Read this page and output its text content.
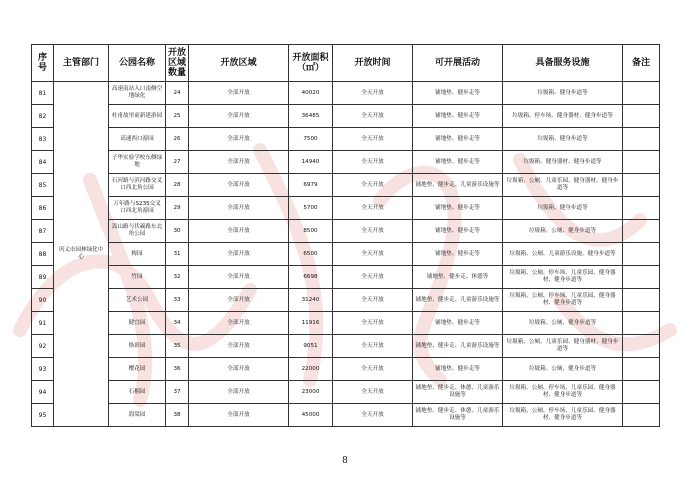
序号	主管部门	公园名称	开放区域数量	开放区域	开放面积（㎡）	开放时间	可开展活动	具备服务设施	备注
81	巩义市园林绿化中心	高速南站入口南侧空地绿化	24	全部开放	40020	全天开放	铺地垫、健步走等	垃圾箱、健身步道等	
82		杜甫故里前新建游园	25	全部开放	36485	全天开放	铺地垫、健步走等	垃圾箱、停车场、健身器材、健身步道等	
83		高速西口游园	26	全部开放	7500	全天开放	铺地垫、健步走等	垃圾箱、健身步道等	
84		子华实验学校东侧绿地	27	全部开放	14940	全天开放	铺地垫、健步走等	垃圾箱、健身器材、健身步道等	
85		石河路与滨河路交叉口西北角公园	28	全部开放	6979	全天开放	铺地垫、健步走、儿童游乐设施等	垃圾箱、公厕、儿童乐园、健身器材、健身步道等	
86		万年路与S235交叉口西北角游园	29	全部开放	5700	全天开放	铺地垫、健步走等	垃圾箱、健身步道等	
87		嵩山路与伏羲路东北角公园	30	全部开放	8500	全天开放	铺地垫、健步走等	垃圾箱、公厕、健身步道等	
88		梅园	31	全部开放	6500	全天开放	铺地垫、健步走等	垃圾箱、公厕、儿童游乐设施、健身步道等	
89		竹园	32	全部开放	6698	全天开放	铺地垫、健步走、休憩等	垃圾箱、公厕、停车场、儿童乐园、健身器材、健身步道等	
90		艺术公园	33	全部开放	31240	全天开放	铺地垫、健步走、儿童游乐设施等	垃圾箱、公厕、停车场、儿童乐园、健身器材、健身步道等	
91		健宜园	34	全部开放	11916	全天开放	铺地垫、健步走等	垃圾箱、公厕、健身步道等	
92		焕彩园	35	全部开放	9051	全天开放	铺地垫、健步走、儿童游乐设施等	垃圾箱、公厕、儿童乐园、健身器材、健身步道等	
93		樱花园	36	全部开放	22000	全天开放	铺地垫、健步走等	垃圾箱、公厕、健身步道等	
94		石榴园	37	全部开放	23000	全天开放	铺地垫、健步走、休憩、儿童游乐设施等	垃圾箱、公厕、停车场、儿童乐园、健身器材、健身步道等	
95		海棠园	38	全部开放	45000	全天开放	铺地垫、健步走、休憩、儿童游乐设施等	垃圾箱、公厕、停车场、儿童乐园、健身器材、健身步道等	
8
